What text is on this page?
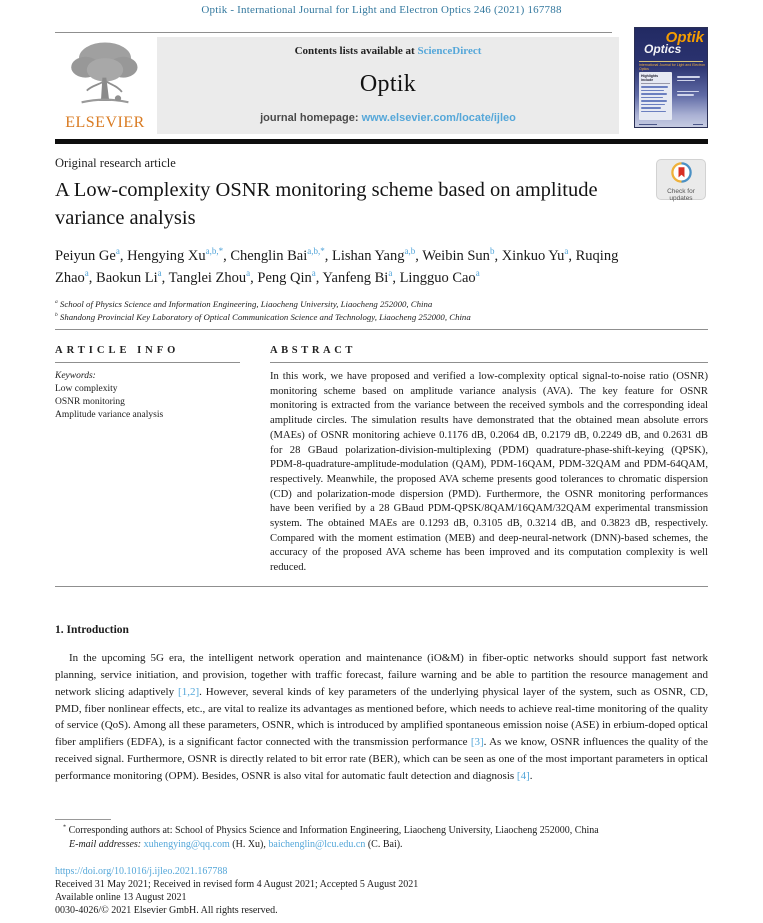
Optik - International Journal for Light and Electron Optics 246 (2021) 167788
ELSEVIER
Contents lists available at ScienceDirect
Optik
journal homepage: www.elsevier.com/locate/ijleo
Optik
Optics
International Journal for Light and Electron Optics
Highlights include
Original research article
A Low-complexity OSNR monitoring scheme based on amplitude variance analysis
Check for updates
Peiyun Ge$^a$, Hengying $Xu^{a,b,*}$, Chenglin Bai$^{a,b,*}$, Lishan Yang$^{a,b}$, Weibin Sun$^b$, Xinkuo Yu$^a$, Ruqing Zhao$^a$, Baokun Li$^a$, Tanglei Zhou$^a$, Peng Qin$^a$, Yanfeng Bi$^a$, Lingguo Cao$^a$
$^a$ School of Physics Science and Information Engineering, Liaocheng University, Liaocheng 252000, China
$^b$ Shandong Provincial Key Laboratory of Optical Communication Science and Technology, Liaocheng 252000, China
ARTICLE INFO
Keywords:
Low complexity
OSNR monitoring
Amplitude variance analysis
ABSTRACT
In this work, we have proposed and verified a low-complexity optical signal-to-noise ratio (OSNR) monitoring scheme based on amplitude variance analysis (AVA). The key feature for OSNR monitoring is extracted from the variance between the received symbols and the corresponding ideal amplitude circles. The simulation results have demonstrated that the obtained mean absolute errors (MAEs) of OSNR monitoring achieve 0.1176 dB, 0.2064 dB, 0.2179 dB, 0.2249 dB, and 0.2631 dB for 28 GBaud polarization-division-multiplexing (PDM) quadrature-phase-shift-keying (QPSK), PDM-8-quadrature-amplitude-modulation (QAM), PDM-16QAM, PDM-32QAM and PDM-64QAM, respectively. Meanwhile, the proposed AVA scheme presents good tolerances to chromatic dispersion (CD) and polarization-mode dispersion (PMD). Furthermore, the OSNR monitoring performances have been verified by a 28 GBaud PDM-QPSK/8QAM/16QAM/32QAM experimental transmission system. The obtained MAEs are 0.1293 dB, 0.3105 dB, 0.3214 dB, and 0.3823 dB, respectively. Compared with the moment estimation (MEB) and deep-neural-network (DNN)-based schemes, the accuracy of the proposed AVA scheme has been improved and its computation complexity is well reduced.
1. Introduction
In the upcoming 5G era, the intelligent network operation and maintenance (iO&M) in fiber-optic networks should support fast network planning, service initiation, and provision, together with traffic forecast, failure warning and be able to partition the resource management and network slicing adaptively [1,2]. However, several kinds of key parameters of the underlying physical layer of the system, such as OSNR, CD, PMD, fiber nonlinear effects, etc., are vital to realize its advantages as mentioned before, which needs to achieve real-time monitoring of the quality of service (QoS). Among all these parameters, OSNR, which is introduced by amplified spontaneous emission noise (ASE) in erbium-doped optical fiber amplifiers (EDFA), is a significant factor connected with the transmission performance [3]. As we know, OSNR influences the quality of the received signal. Furthermore, OSNR is directly related to bit error rate (BER), which can be seen as one of the most important parameters in optical performance monitoring (OPM). Besides, OSNR is also vital for automatic fault detection and diagnosis [4].
* Corresponding authors at: School of Physics Science and Information Engineering, Liaocheng University, Liaocheng 252000, China
E-mail addresses: xuhengying@qq.com (H. Xu), baichenglin@lcu.edu.cn (C. Bai).
https://doi.org/10.1016/j.ijleo.2021.167788
Received 31 May 2021; Received in revised form 4 August 2021; Accepted 5 August 2021
Available online 13 August 2021
0030-4026/© 2021 Elsevier GmbH. All rights reserved.
